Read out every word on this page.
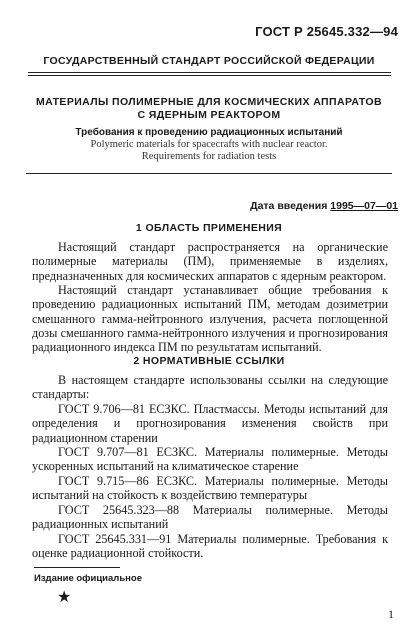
ГОСТ Р 25645.332—94
ГОСУДАРСТВЕННЫЙ СТАНДАРТ РОССИЙСКОЙ ФЕДЕРАЦИИ
МАТЕРИАЛЫ ПОЛИМЕРНЫЕ ДЛЯ КОСМИЧЕСКИХ АППАРАТОВ
С ЯДЕРНЫМ РЕАКТОРОМ
Требования к проведению радиационных испытаний
Polymeric materials for spacecrafts with nuclear reactor.
Requirements for radiation tests
Дата введения 1995—07—01
1 ОБЛАСТЬ ПРИМЕНЕНИЯ
Настоящий стандарт распространяется на органические полимерные материалы (ПМ), применяемые в изделиях, предназначенных для космических аппаратов с ядерным реактором.
Настоящий стандарт устанавливает общие требования к проведению радиационных испытаний ПМ, методам дозиметрии смешанного гамма-нейтронного излучения, расчета поглощенной дозы смешанного гамма-нейтронного излучения и прогнозирования радиационного индекса ПМ по результатам испытаний.
2 НОРМАТИВНЫЕ ССЫЛКИ
В настоящем стандарте использованы ссылки на следующие стандарты:
ГОСТ 9.706—81 ЕСЗКС. Пластмассы. Методы испытаний для определения и прогнозирования изменения свойств при радиационном старении
ГОСТ 9.707—81 ЕСЗКС. Материалы полимерные. Методы ускоренных испытаний на климатическое старение
ГОСТ 9.715—86 ЕСЗКС. Материалы полимерные. Методы испытаний на стойкость к воздействию температуры
ГОСТ 25645.323—88 Материалы полимерные. Методы радиационных испытаний
Издание официальное
★
1
ГОСТ 25645.331—91 Материалы полимерные. Требования к оценке радиационной стойкости.
